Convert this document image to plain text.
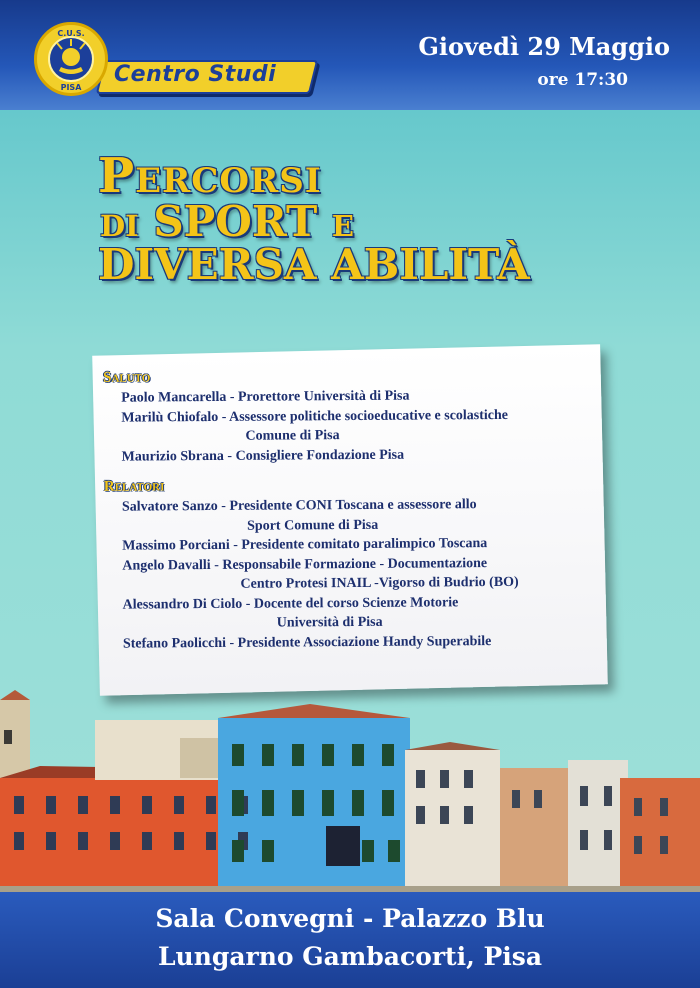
C.U.S.
PISA
Centro Studi
Giovedì 29 Maggio
ore 17:30
Percorsi
di SPORT e
DIVERSA ABILITÀ
Saluto
Paolo Mancarella - Prorettore Università di Pisa
Marilù Chiofalo - Assessore politiche socioeducative e scolastiche
Comune di Pisa
Maurizio Sbrana - Consigliere Fondazione Pisa
Relatori
Salvatore Sanzo - Presidente CONI Toscana e assessore allo
Sport Comune di Pisa
Massimo Porciani - Presidente comitato paralimpico Toscana
Angelo Davalli - Responsabile Formazione - Documentazione
Centro Protesi INAIL -Vigorso di Budrio (BO)
Alessandro Di Ciolo - Docente del corso Scienze Motorie
Università di Pisa
Stefano Paolicchi - Presidente Associazione Handy Superabile
Sala Convegni - Palazzo Blu
Lungarno Gambacorti, Pisa
